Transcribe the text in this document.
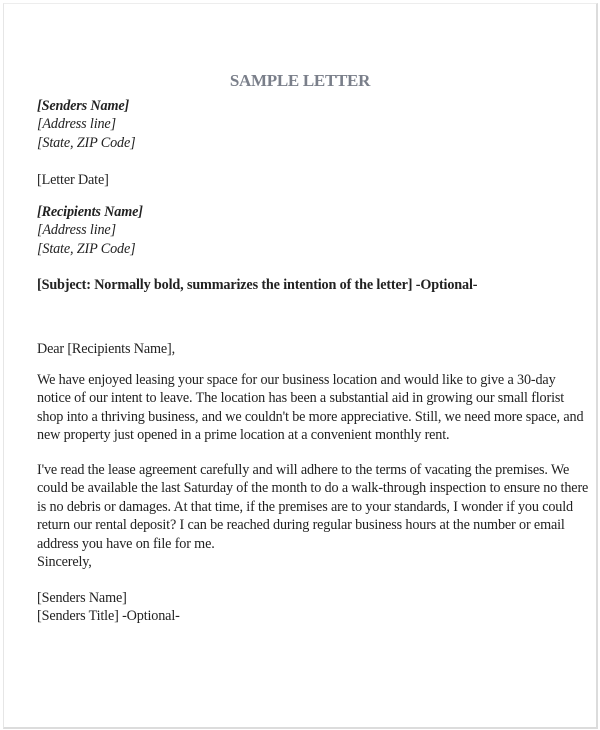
SAMPLE LETTER
[Senders Name]
[Address line]
[State, ZIP Code]
[Letter Date]
[Recipients Name]
[Address line]
[State, ZIP Code]
[Subject: Normally bold, summarizes the intention of the letter] -Optional-
Dear [Recipients Name],
We have enjoyed leasing your space for our business location and would like to give a 30-day
notice of our intent to leave. The location has been a substantial aid in growing our small florist
shop into a thriving business, and we couldn't be more appreciative. Still, we need more space, and
new property just opened in a prime location at a convenient monthly rent.
I've read the lease agreement carefully and will adhere to the terms of vacating the premises. We
could be available the last Saturday of the month to do a walk-through inspection to ensure no there
is no debris or damages. At that time, if the premises are to your standards, I wonder if you could
return our rental deposit? I can be reached during regular business hours at the number or email
address you have on file for me.
Sincerely,
[Senders Name]
[Senders Title] -Optional-
